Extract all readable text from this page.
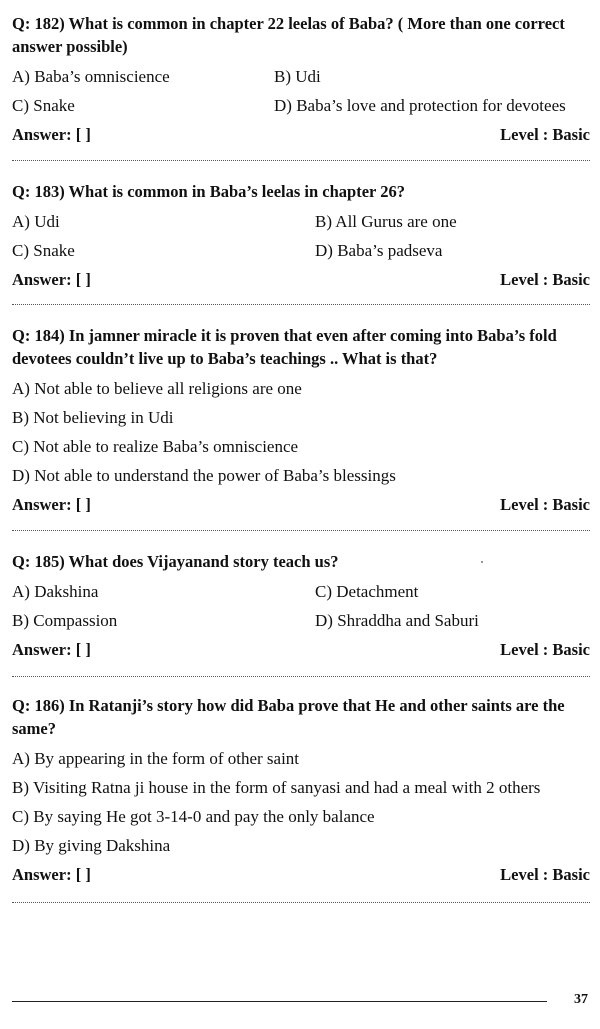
Q: 182) What is common in chapter 22 leelas of Baba? ( More than one correct answer possible)
A) Baba’s omniscience	B) Udi
C) Snake	D) Baba’s love and protection for devotees
Answer: [ ]	Level : Basic
Q: 183) What is common in Baba’s leelas in chapter 26?
A) Udi	B) All Gurus are one
C) Snake	D) Baba’s padseva
Answer: [ ]	Level : Basic
Q: 184) In jamner miracle it is proven that even after coming into Baba’s fold devotees couldn’t live up to Baba’s teachings .. What is that?
A) Not able to believe all religions are one
B) Not believing in Udi
C) Not able to realize Baba’s omniscience
D) Not able to understand the power of Baba’s blessings
Answer: [ ]	Level : Basic
Q: 185) What does Vijayanand story teach us?
A) Dakshina	C) Detachment
B) Compassion	D) Shraddha and Saburi
Answer: [ ]	Level : Basic
Q: 186) In Ratanji’s story how did Baba prove that He and other saints are the same?
A) By appearing in the form of other saint
B) Visiting Ratna ji house in the form of sanyasi and had a meal with 2 others
C) By saying He got 3-14-0 and pay the only balance
D) By giving Dakshina
Answer: [ ]	Level : Basic
37
